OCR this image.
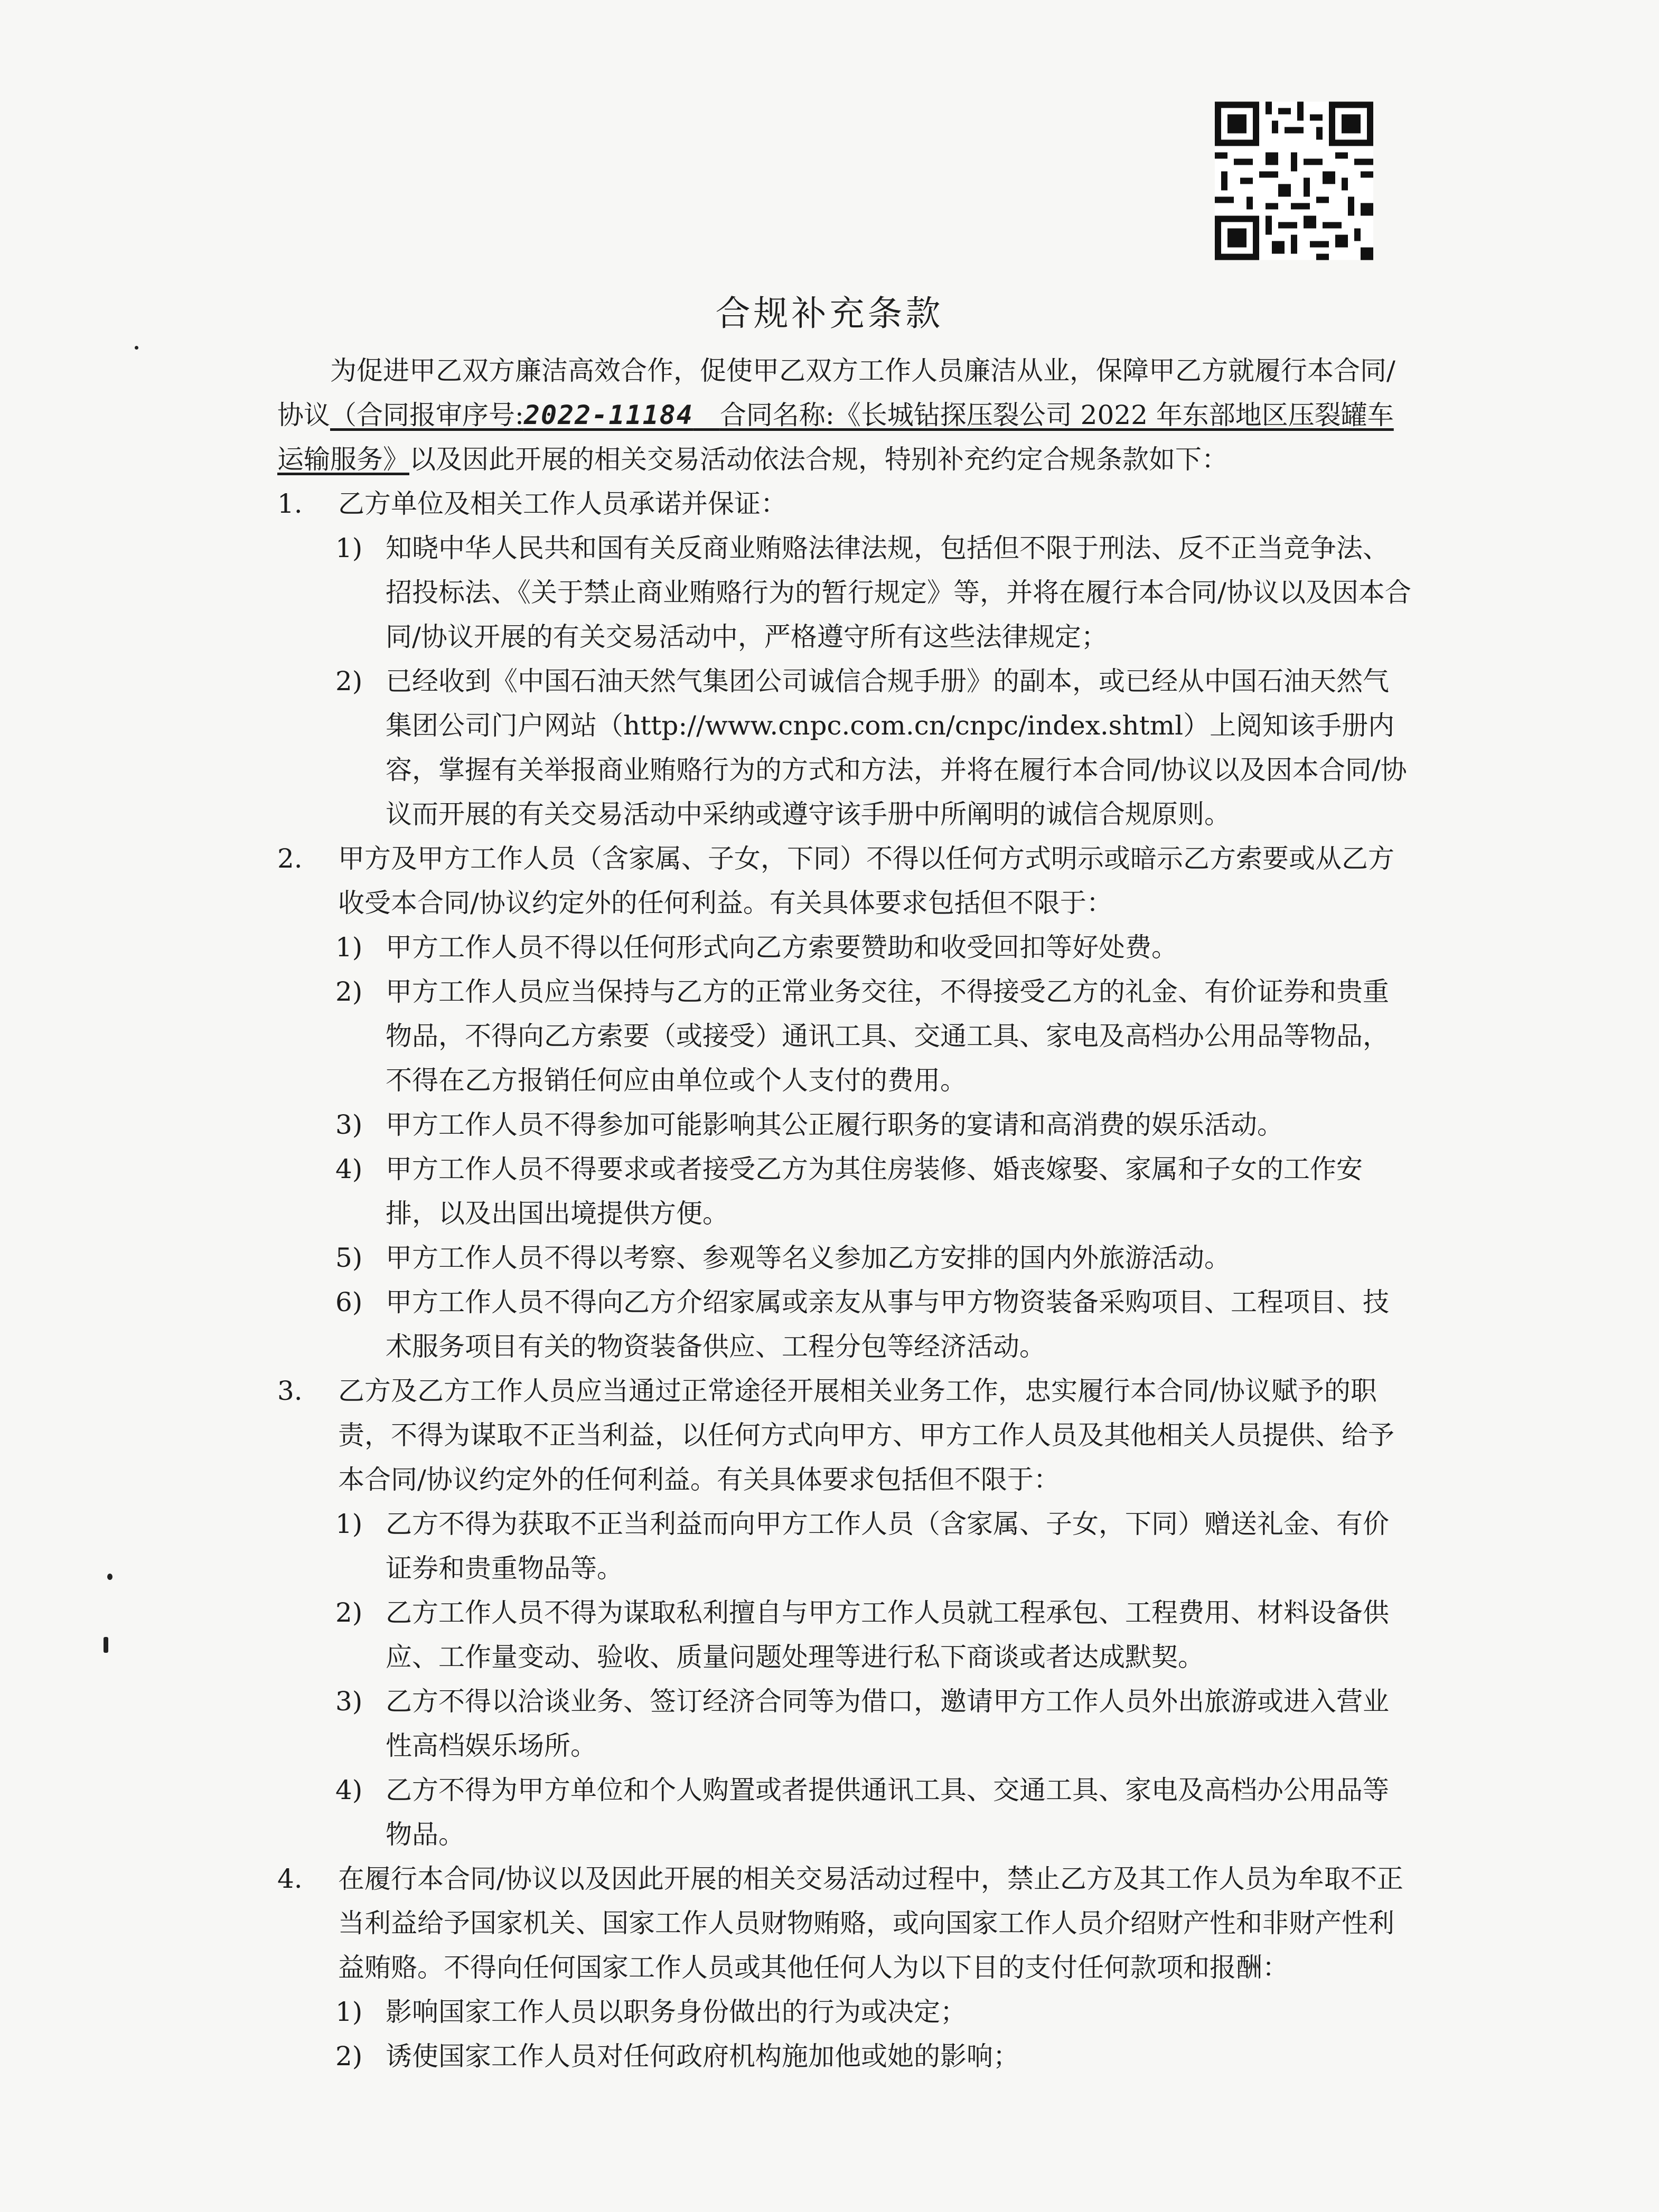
合规补充条款

为促进甲乙双方廉洁高效合作，促使甲乙双方工作人员廉洁从业，保障甲乙方就履行本合同/协议（合同报审序号:2022-11184　 合同名称:《长城钻探压裂公司 2022 年东部地区压裂罐车运输服务》以及因此开展的相关交易活动依法合规，特别补充约定合规条款如下：

1. 乙方单位及相关工作人员承诺并保证：

1) 知晓中华人民共和国有关反商业贿赂法律法规，包括但不限于刑法、反不正当竞争法、招投标法、《关于禁止商业贿赂行为的暂行规定》等，并将在履行本合同/协议以及因本合同/协议开展的有关交易活动中，严格遵守所有这些法律规定；

2) 已经收到《中国石油天然气集团公司诚信合规手册》的副本，或已经从中国石油天然气集团公司门户网站（http://www.cnpc.com.cn/cnpc/index.shtml）上阅知该手册内容，掌握有关举报商业贿赂行为的方式和方法，并将在履行本合同/协议以及因本合同/协议而开展的有关交易活动中采纳或遵守该手册中所阐明的诚信合规原则。

2. 甲方及甲方工作人员（含家属、子女，下同）不得以任何方式明示或暗示乙方索要或从乙方收受本合同/协议约定外的任何利益。有关具体要求包括但不限于：

1) 甲方工作人员不得以任何形式向乙方索要赞助和收受回扣等好处费。

2) 甲方工作人员应当保持与乙方的正常业务交往，不得接受乙方的礼金、有价证券和贵重物品，不得向乙方索要（或接受）通讯工具、交通工具、家电及高档办公用品等物品，不得在乙方报销任何应由单位或个人支付的费用。

3) 甲方工作人员不得参加可能影响其公正履行职务的宴请和高消费的娱乐活动。

4) 甲方工作人员不得要求或者接受乙方为其住房装修、婚丧嫁娶、家属和子女的工作安排，以及出国出境提供方便。

5) 甲方工作人员不得以考察、参观等名义参加乙方安排的国内外旅游活动。

6) 甲方工作人员不得向乙方介绍家属或亲友从事与甲方物资装备采购项目、工程项目、技术服务项目有关的物资装备供应、工程分包等经济活动。

3. 乙方及乙方工作人员应当通过正常途径开展相关业务工作，忠实履行本合同/协议赋予的职责，不得为谋取不正当利益，以任何方式向甲方、甲方工作人员及其他相关人员提供、给予本合同/协议约定外的任何利益。有关具体要求包括但不限于：

1) 乙方不得为获取不正当利益而向甲方工作人员（含家属、子女，下同）赠送礼金、有价证券和贵重物品等。

2) 乙方工作人员不得为谋取私利擅自与甲方工作人员就工程承包、工程费用、材料设备供应、工作量变动、验收、质量问题处理等进行私下商谈或者达成默契。

3) 乙方不得以洽谈业务、签订经济合同等为借口，邀请甲方工作人员外出旅游或进入营业性高档娱乐场所。

4) 乙方不得为甲方单位和个人购置或者提供通讯工具、交通工具、家电及高档办公用品等物品。

4. 在履行本合同/协议以及因此开展的相关交易活动过程中，禁止乙方及其工作人员为牟取不正当利益给予国家机关、国家工作人员财物贿赂，或向国家工作人员介绍财产性和非财产性利益贿赂。不得向任何国家工作人员或其他任何人为以下目的支付任何款项和报酬：

1) 影响国家工作人员以职务身份做出的行为或决定；

2) 诱使国家工作人员对任何政府机构施加他或她的影响；
